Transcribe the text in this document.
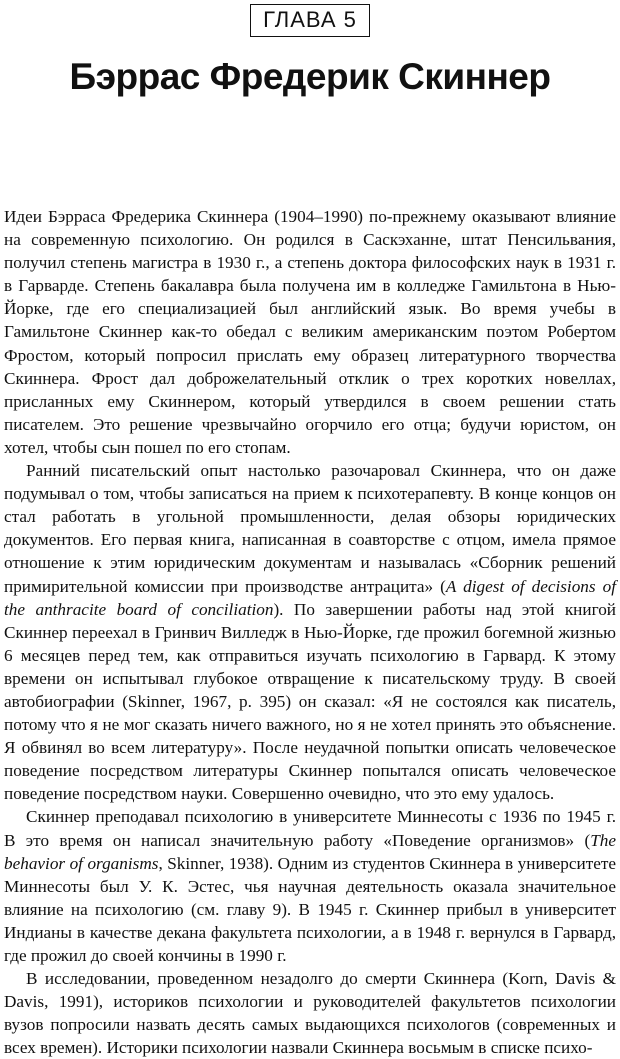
ГЛАВА 5
Бэррас Фредерик Скиннер

Идеи Бэрраса Фредерика Скиннера (1904–1990) по-прежнему оказывают влияние на современную психологию. Он родился в Саскэханне, штат Пенсильвания, получил степень магистра в 1930 г., а степень доктора философских наук в 1931 г. в Гарварде. Степень бакалавра была получена им в колледже Гамильтона в Нью-Йорке, где его специализацией был английский язык. Во время учебы в Гамильтоне Скиннер как-то обедал с великим американским поэтом Робертом Фростом, который попросил прислать ему образец литературного творчества Скиннера. Фрост дал доброжелательный отклик о трех коротких новеллах, присланных ему Скиннером, который утвердился в своем решении стать писателем. Это решение чрезвычайно огорчило его отца; будучи юристом, он хотел, чтобы сын пошел по его стопам.

Ранний писательский опыт настолько разочаровал Скиннера, что он даже подумывал о том, чтобы записаться на прием к психотерапевту. В конце концов он стал работать в угольной промышленности, делая обзоры юридических документов. Его первая книга, написанная в соавторстве с отцом, имела прямое отношение к этим юридическим документам и называлась «Сборник решений примирительной комиссии при производстве антрацита» (A digest of decisions of the anthracite board of conciliation). По завершении работы над этой книгой Скиннер переехал в Гринвич Вилледж в Нью-Йорке, где прожил богемной жизнью 6 месяцев перед тем, как отправиться изучать психологию в Гарвард. К этому времени он испытывал глубокое отвращение к писательскому труду. В своей автобиографии (Skinner, 1967, p. 395) он сказал: «Я не состоялся как писатель, потому что я не мог сказать ничего важного, но я не хотел принять это объяснение. Я обвинял во всем литературу». После неудачной попытки описать человеческое поведение посредством литературы Скиннер попытался описать человеческое поведение посредством науки. Совершенно очевидно, что это ему удалось.

Скиннер преподавал психологию в университете Миннесоты с 1936 по 1945 г. В это время он написал значительную работу «Поведение организмов» (The behavior of organisms, Skinner, 1938). Одним из студентов Скиннера в университете Миннесоты был У. К. Эстес, чья научная деятельность оказала значительное влияние на психологию (см. главу 9). В 1945 г. Скиннер прибыл в университет Индианы в качестве декана факультета психологии, а в 1948 г. вернулся в Гарвард, где прожил до своей кончины в 1990 г.

В исследовании, проведенном незадолго до смерти Скиннера (Korn, Davis & Davis, 1991), историков психологии и руководителей факультетов психологии вузов попросили назвать десять самых выдающихся психологов (современных и всех времен). Историки психологии назвали Скиннера восьмым в списке психо-
